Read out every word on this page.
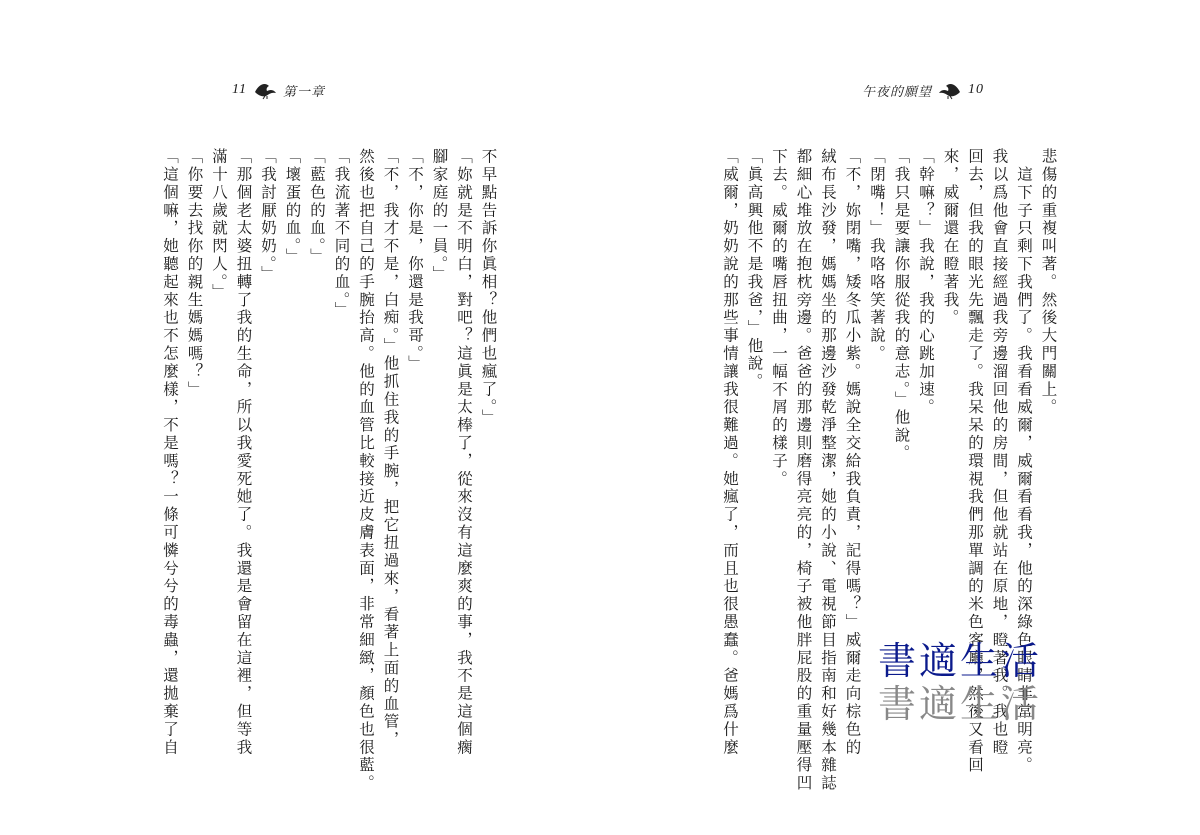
11	第一章
不早點告訴你眞相？他們也瘋了。」
「妳就是不明白，對吧？這眞是太棒了，從來沒有這麼爽的事，我不是這個瘸
腳家庭的一員。」
「不，你是，你還是我哥。」
「不，我才不是，白痴。」他抓住我的手腕，把它扭過來，看著上面的血管，
然後也把自己的手腕抬高。他的血管比較接近皮膚表面，非常細緻，顏色也很藍。
「我流著不同的血。」
「藍色的血。」
「壞蛋的血。」
「我討厭奶奶。」
「那個老太婆扭轉了我的生命，所以我愛死她了。我還是會留在這裡，但等我
滿十八歲就閃人。」
「你要去找你的親生媽媽嗎？」
「這個嘛，她聽起來也不怎麼樣，不是嗎？一條可憐兮兮的毒蟲，還拋棄了自
午夜的願望	10
悲傷的重複叫著。然後大門關上。
　這下子只剩下我們了。我看看威爾，威爾看看我，他的深綠色眼睛非常明亮。
我以爲他會直接經過我旁邊溜回他的房間，但他就站在原地，瞪著我。我也瞪
回去，但我的眼光先飄走了。我呆呆的環視我們那單調的米色客廳，然後又看回
來，威爾還在瞪著我。
「幹嘛？」我說，我的心跳加速。
「我只是要讓你服從我的意志。」他說。
「閉嘴！」我咯咯笑著說。
「不，妳閉嘴，矮冬瓜小紫。媽說全交給我負責，記得嗎？」威爾走向棕色的
絨布長沙發，媽媽坐的那邊沙發乾淨整潔，她的小說、電視節目指南和好幾本雜誌
都細心堆放在抱枕旁邊。爸爸的那邊則磨得亮亮的，椅子被他胖屁股的重量壓得凹
下去。威爾的嘴唇扭曲，一幅不屑的樣子。
「眞高興他不是我爸，」他說。
「威爾，奶奶說的那些事情讓我很難過。她瘋了，而且也很愚蠢。爸媽爲什麼	書適生活
書適生活
